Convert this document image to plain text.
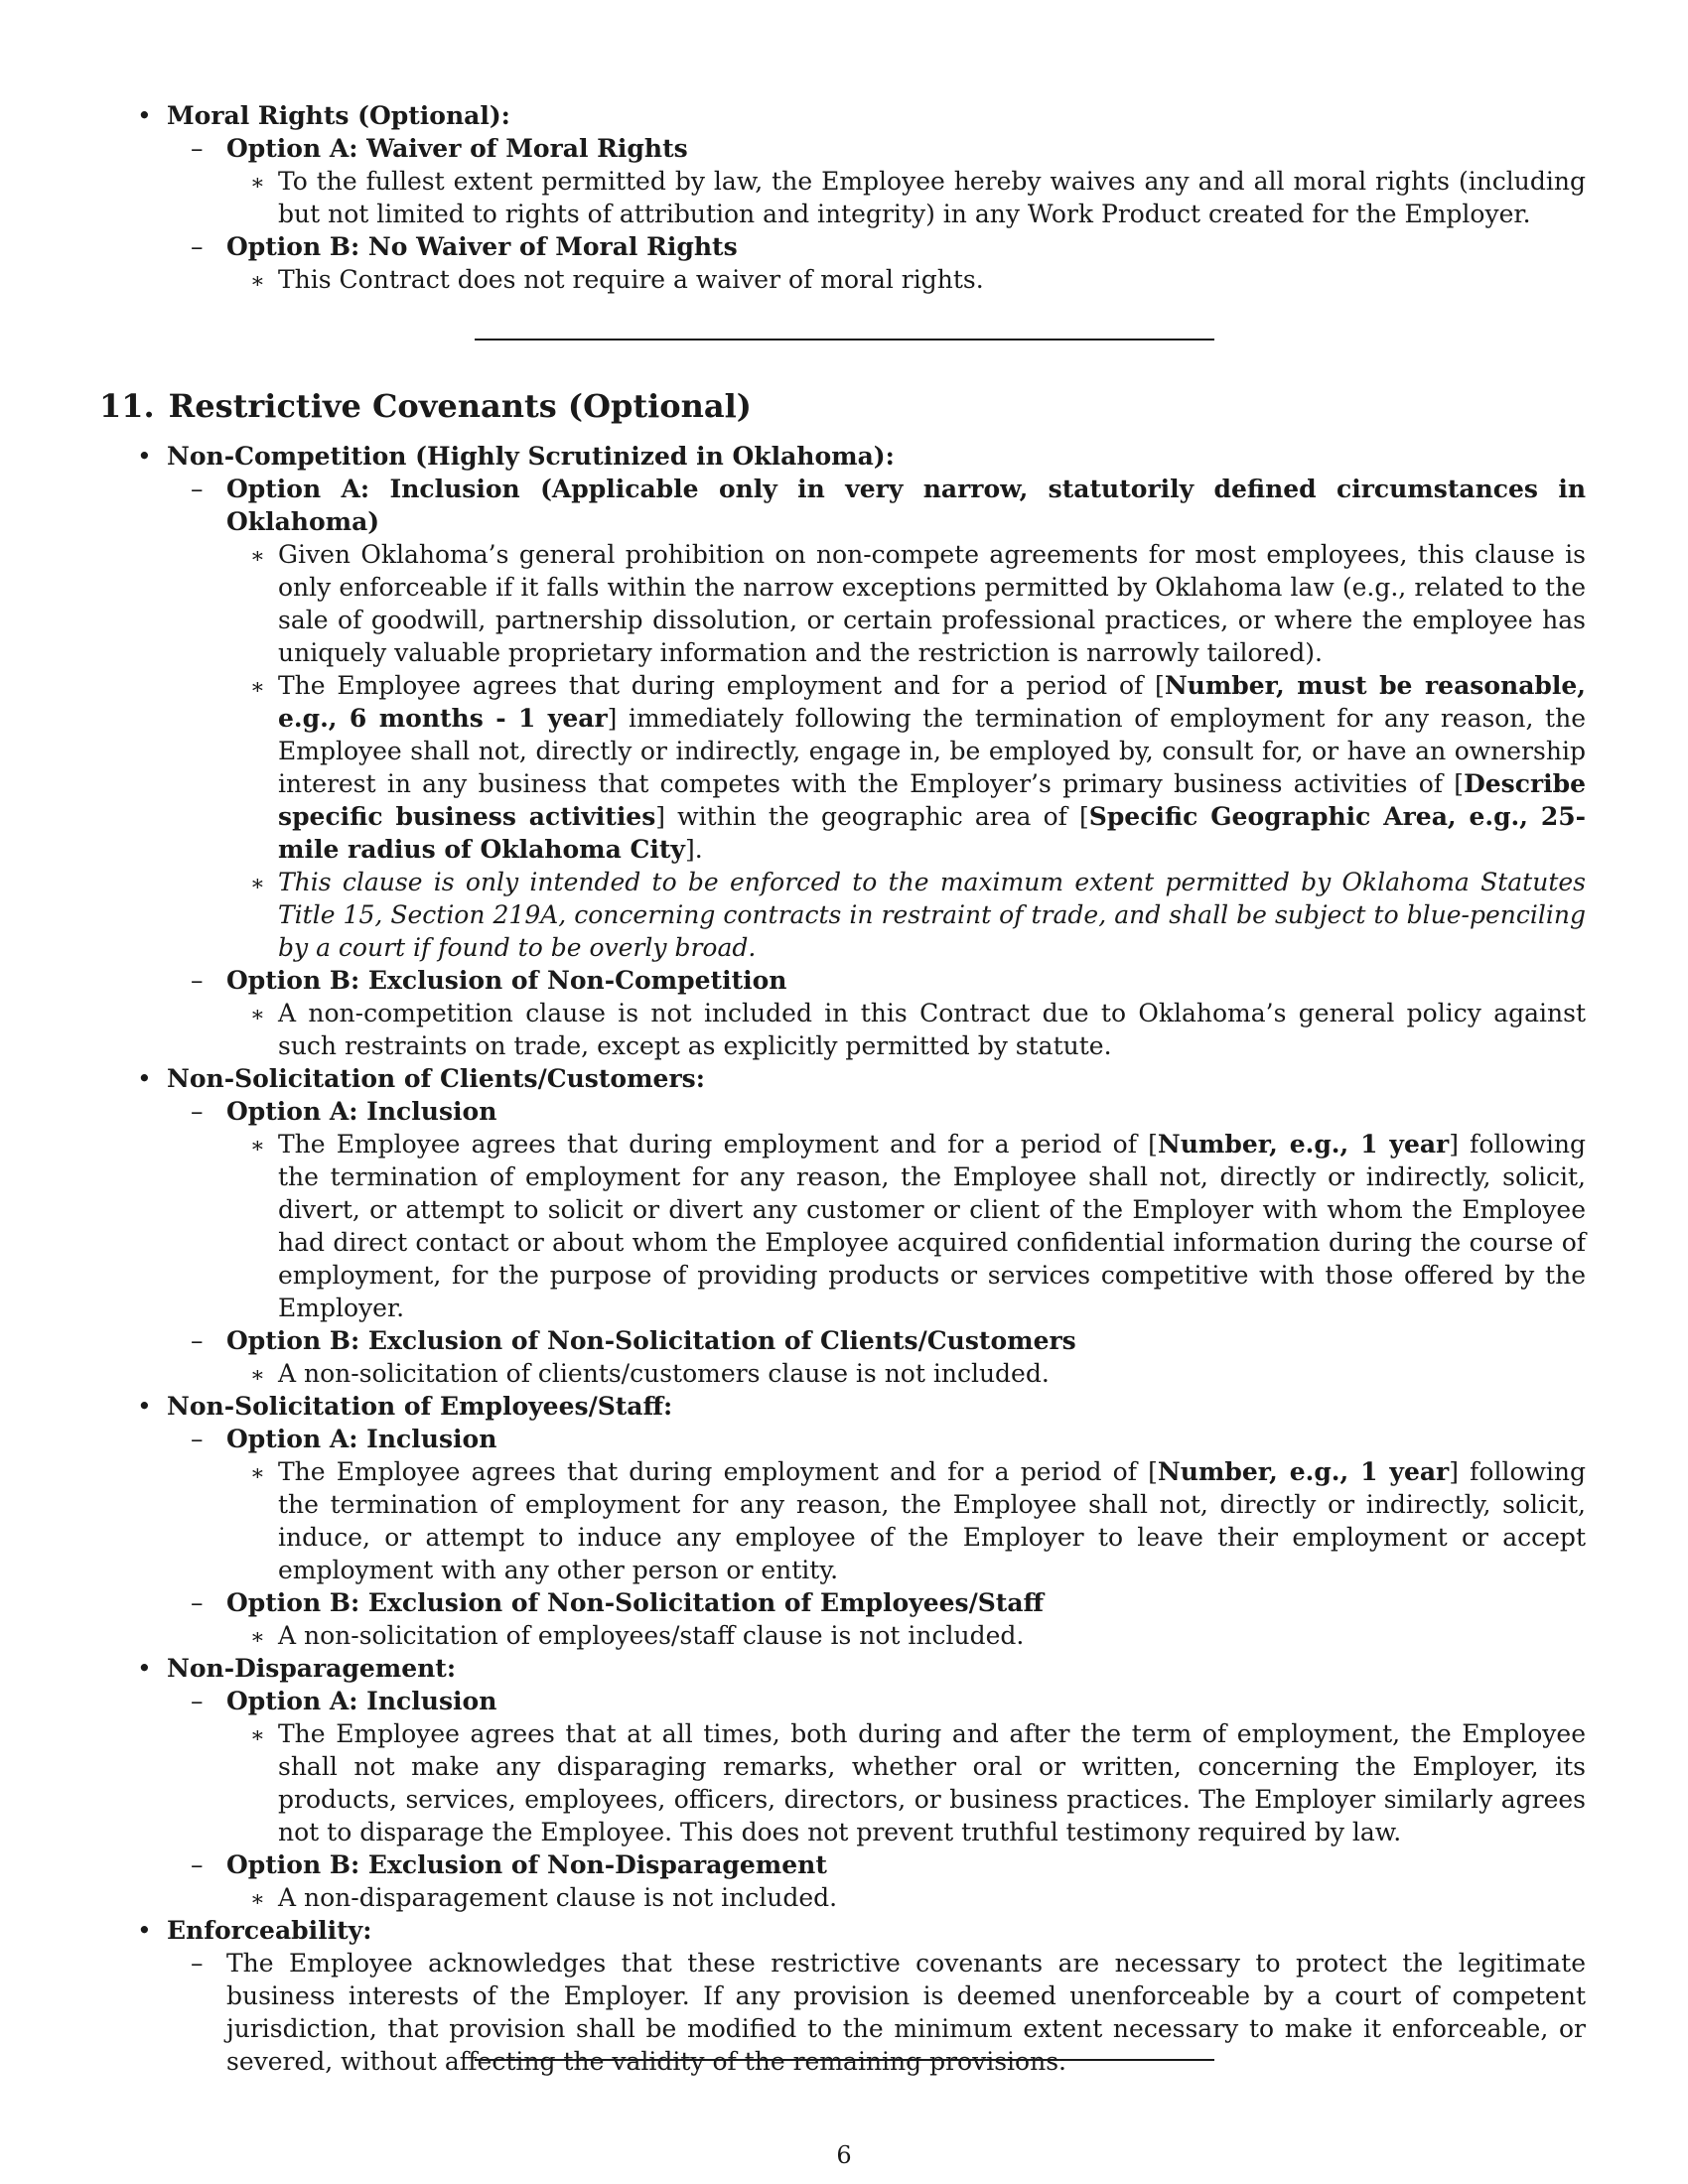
• Moral Rights (Optional):
– Option A: Waiver of Moral Rights
∗ To the fullest extent permitted by law, the Employee hereby waives any and all moral rights (including but not limited to rights of attribution and integrity) in any Work Product created for the Employer.
– Option B: No Waiver of Moral Rights
∗ This Contract does not require a waiver of moral rights.
11. Restrictive Covenants (Optional)
• Non-Competition (Highly Scrutinized in Oklahoma):
– Option A: Inclusion (Applicable only in very narrow, statutorily defined circumstances in Oklahoma)
∗ Given Oklahoma’s general prohibition on non-compete agreements for most employees, this clause is only enforceable if it falls within the narrow exceptions permitted by Oklahoma law (e.g., related to the sale of goodwill, partnership dissolution, or certain professional practices, or where the employee has uniquely valuable proprietary information and the restriction is narrowly tailored).
∗ The Employee agrees that during employment and for a period of [Number, must be reasonable, e.g., 6 months - 1 year] immediately following the termination of employment for any reason, the Employee shall not, directly or indirectly, engage in, be employed by, consult for, or have an ownership interest in any business that competes with the Employer’s primary business activities of [Describe specific business activities] within the geographic area of [Specific Geographic Area, e.g., 25-mile radius of Oklahoma City].
∗ This clause is only intended to be enforced to the maximum extent permitted by Oklahoma Statutes Title 15, Section 219A, concerning contracts in restraint of trade, and shall be subject to blue-penciling by a court if found to be overly broad.
– Option B: Exclusion of Non-Competition
∗ A non-competition clause is not included in this Contract due to Oklahoma’s general policy against such restraints on trade, except as explicitly permitted by statute.
• Non-Solicitation of Clients/Customers:
– Option A: Inclusion
∗ The Employee agrees that during employment and for a period of [Number, e.g., 1 year] following the termination of employment for any reason, the Employee shall not, directly or indirectly, solicit, divert, or attempt to solicit or divert any customer or client of the Employer with whom the Employee had direct contact or about whom the Employee acquired confidential information during the course of employment, for the purpose of providing products or services competitive with those offered by the Employer.
– Option B: Exclusion of Non-Solicitation of Clients/Customers
∗ A non-solicitation of clients/customers clause is not included.
• Non-Solicitation of Employees/Staff:
– Option A: Inclusion
∗ The Employee agrees that during employment and for a period of [Number, e.g., 1 year] following the termination of employment for any reason, the Employee shall not, directly or indirectly, solicit, induce, or attempt to induce any employee of the Employer to leave their employment or accept employment with any other person or entity.
– Option B: Exclusion of Non-Solicitation of Employees/Staff
∗ A non-solicitation of employees/staff clause is not included.
• Non-Disparagement:
– Option A: Inclusion
∗ The Employee agrees that at all times, both during and after the term of employment, the Employee shall not make any disparaging remarks, whether oral or written, concerning the Employer, its products, services, employees, officers, directors, or business practices. The Employer similarly agrees not to disparage the Employee. This does not prevent truthful testimony required by law.
– Option B: Exclusion of Non-Disparagement
∗ A non-disparagement clause is not included.
• Enforceability:
– The Employee acknowledges that these restrictive covenants are necessary to protect the legitimate business interests of the Employer. If any provision is deemed unenforceable by a court of competent jurisdiction, that provision shall be modified to the minimum extent necessary to make it enforceable, or severed, without affecting the validity of the remaining provisions.
6
